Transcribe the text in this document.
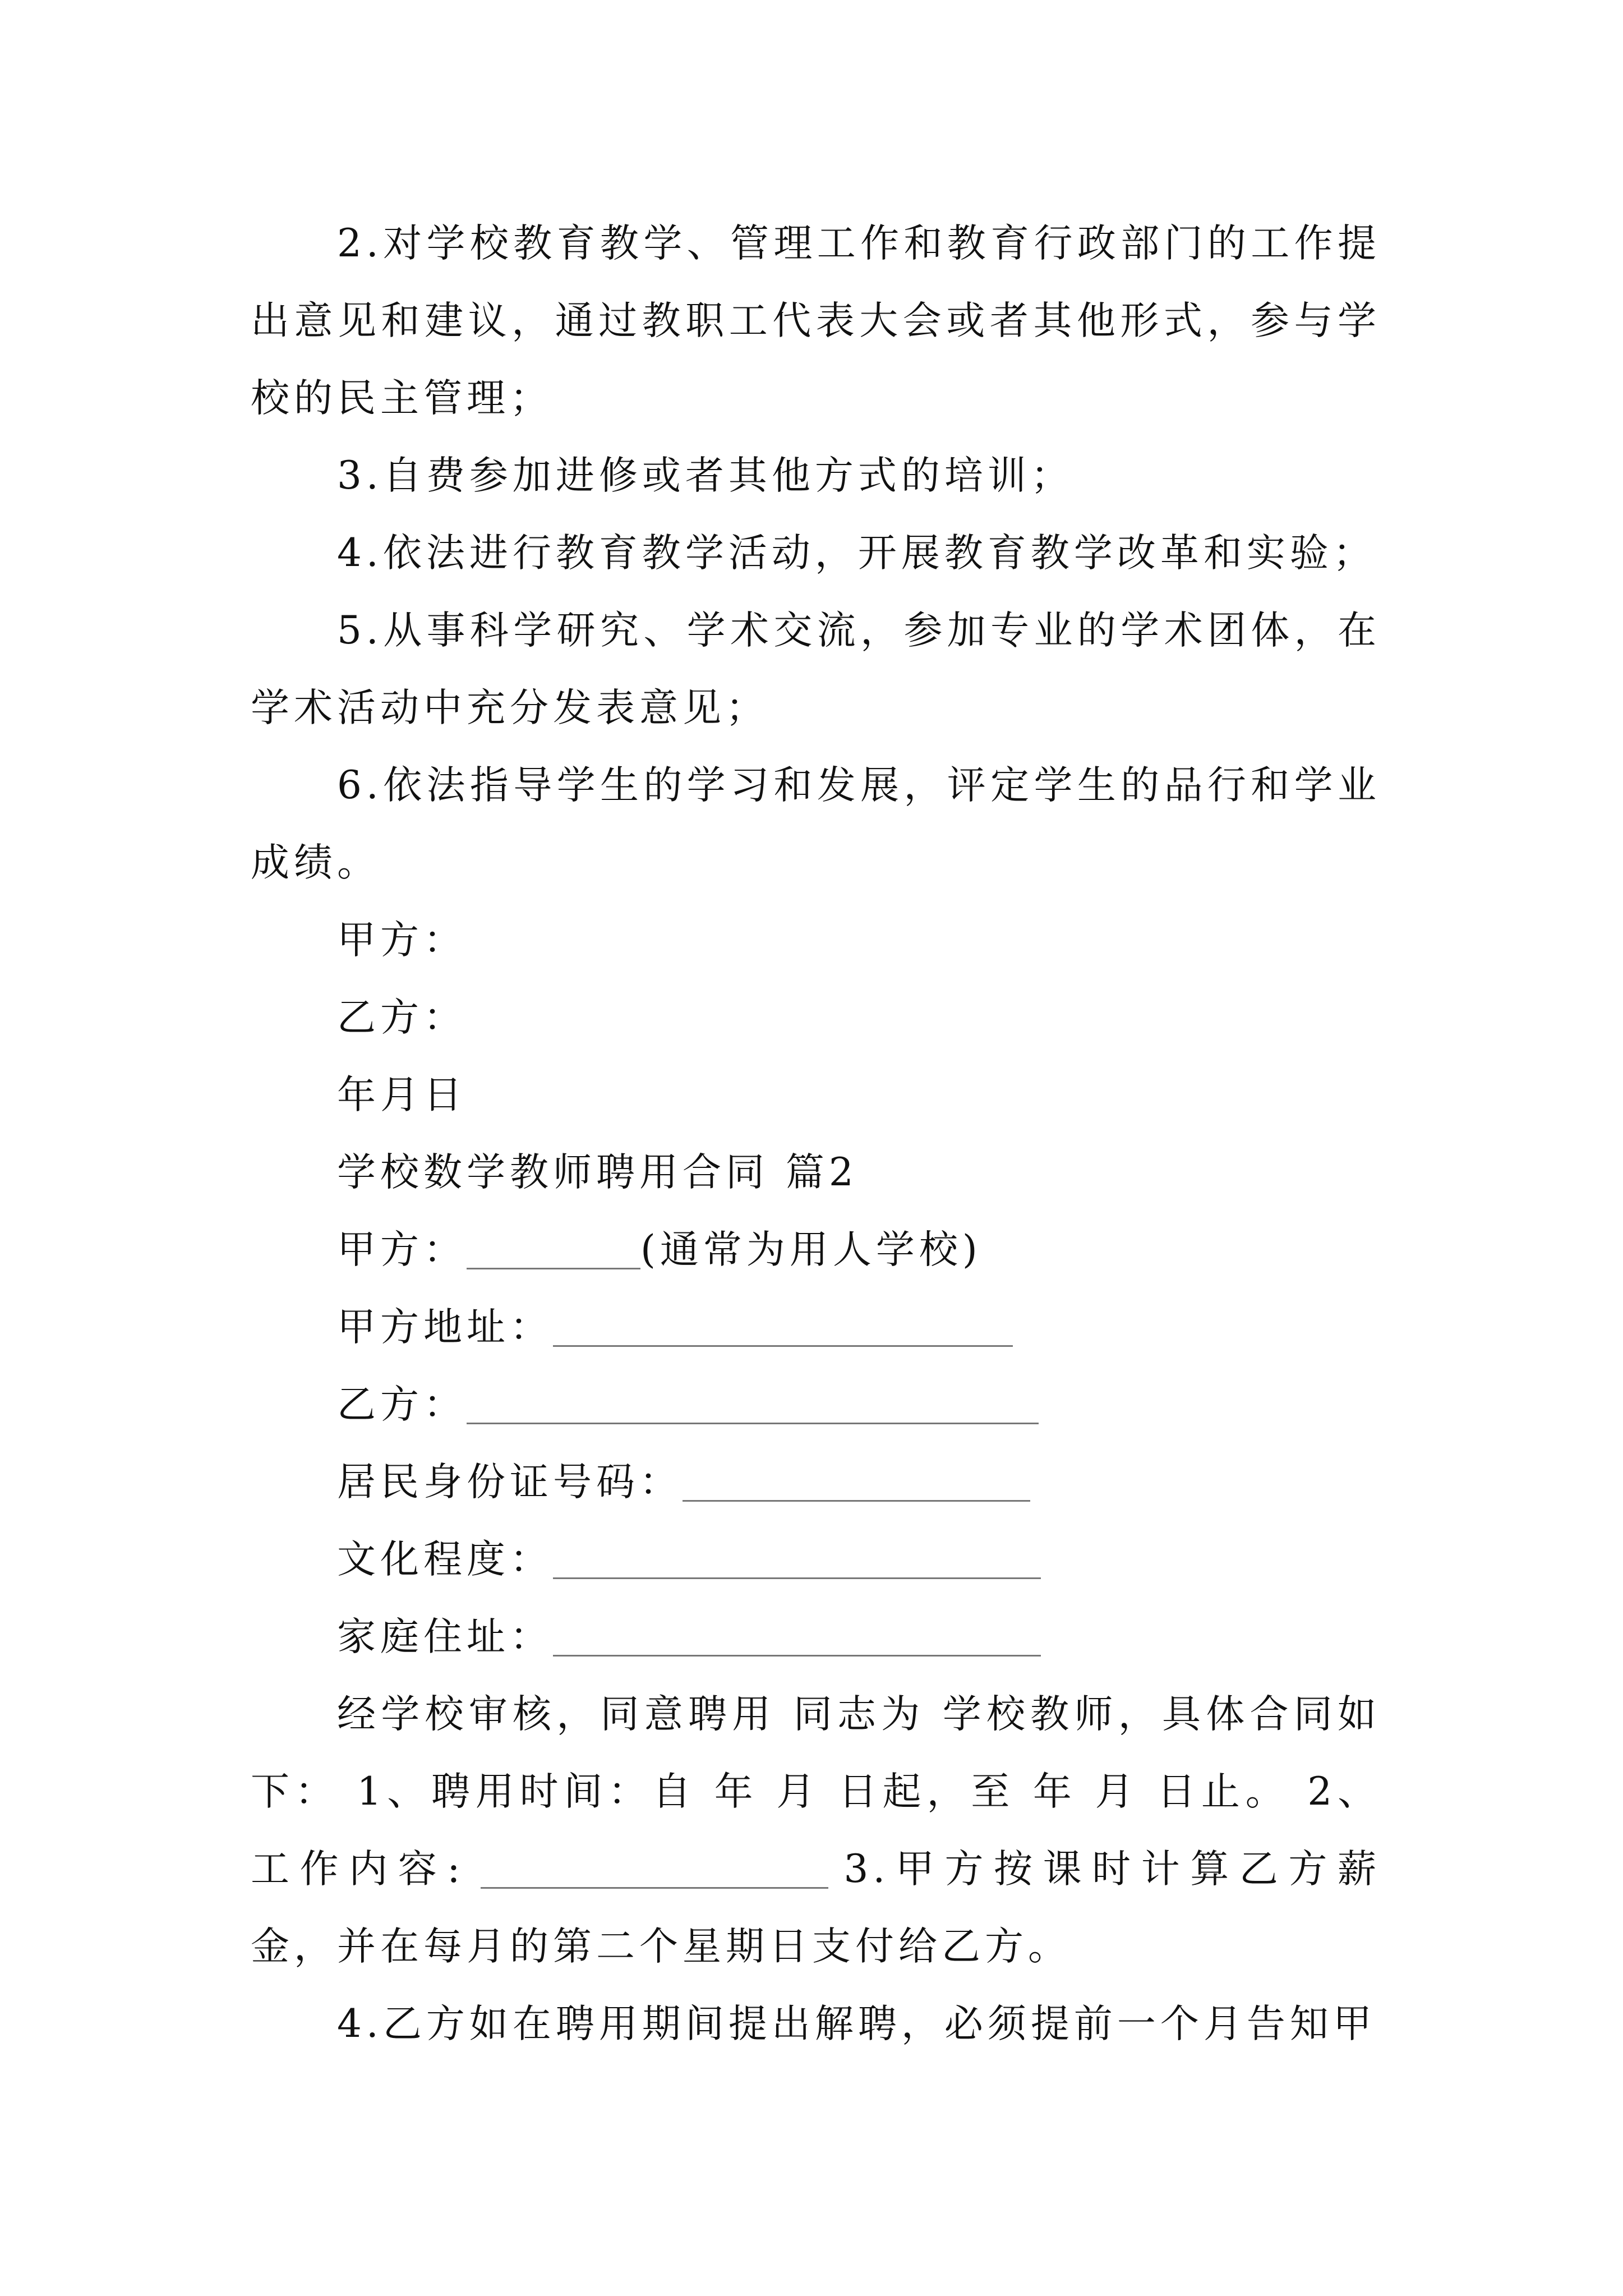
2.对学校教育教学、管理工作和教育行政部门的工作提出意见和建议，通过教职工代表大会或者其他形式，参与学校的民主管理；

3.自费参加进修或者其他方式的培训；

4.依法进行教育教学活动，开展教育教学改革和实验；

5.从事科学研究、学术交流，参加专业的学术团体，在学术活动中充分发表意见；

6.依法指导学生的学习和发展，评定学生的品行和学业成绩。

甲方：

乙方：

年月日

学校数学教师聘用合同 篇2

甲方：	(通常为用人学校)

甲方地址：

乙方：

居民身份证号码：

文化程度：

家庭住址：

经学校审核，同意聘用 同志为 学校教师，具体合同如下： 1、聘用时间：自 年 月 日起，至 年 月 日止。 2、工作内容:	3.甲方按课时计算乙方薪金，并在每月的第二个星期日支付给乙方。

4.乙方如在聘用期间提出解聘，必须提前一个月告知甲
